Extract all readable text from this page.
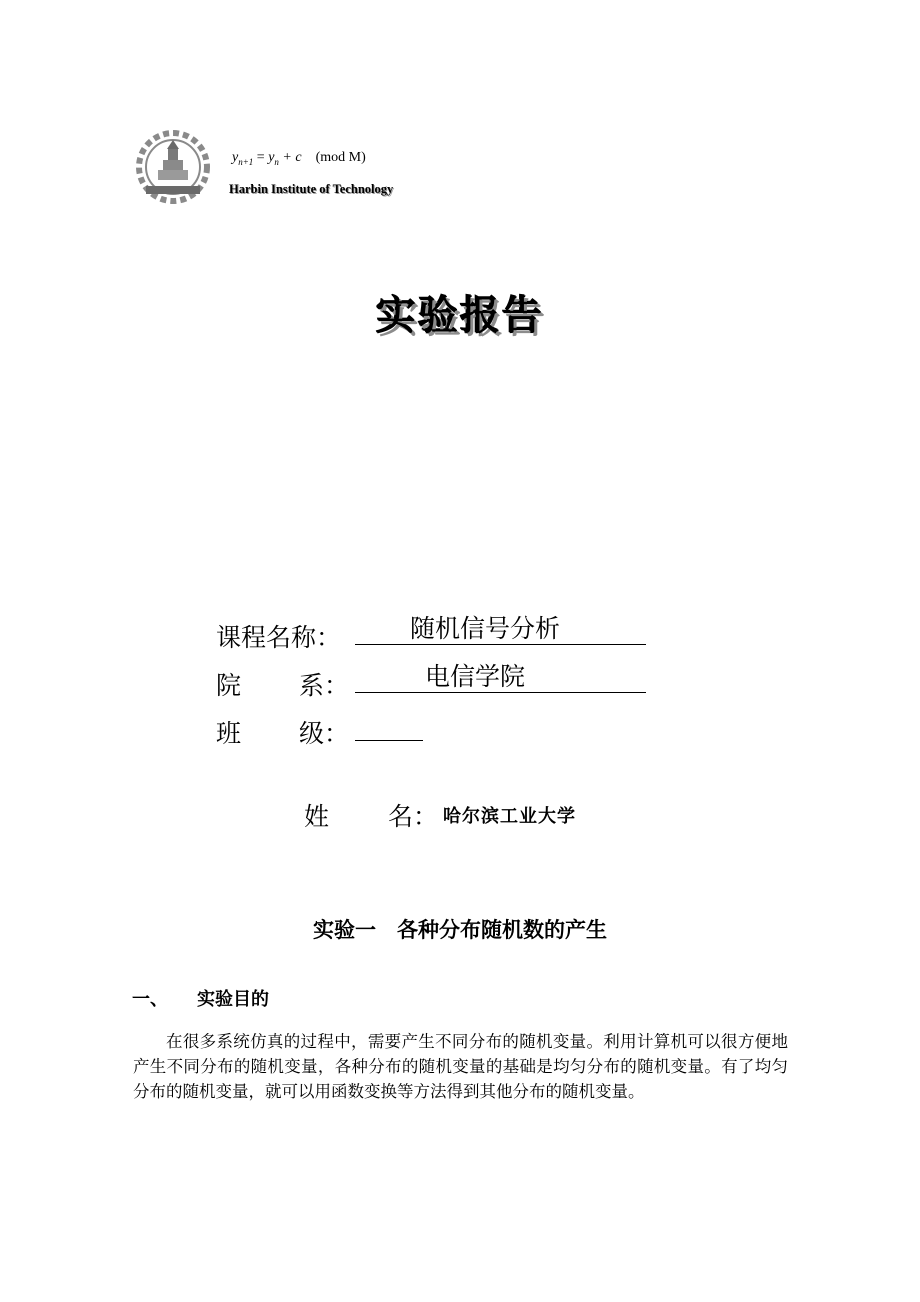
1920
$y_{n+1} = y_n + c$ (mod M)
Harbin Institute of Technology
实验报告
课程名称：	随机信号分析
院 系：	电信学院
班 级：
姓 名： 哈尔滨工业大学
实验一　各种分布随机数的产生
一、 实验目的
在很多系统仿真的过程中，需要产生不同分布的随机变量。利用计算机可以很方便地产生不同分布的随机变量，各种分布的随机变量的基础是均匀分布的随机变量。有了均匀分布的随机变量，就可以用函数变换等方法得到其他分布的随机变量。
